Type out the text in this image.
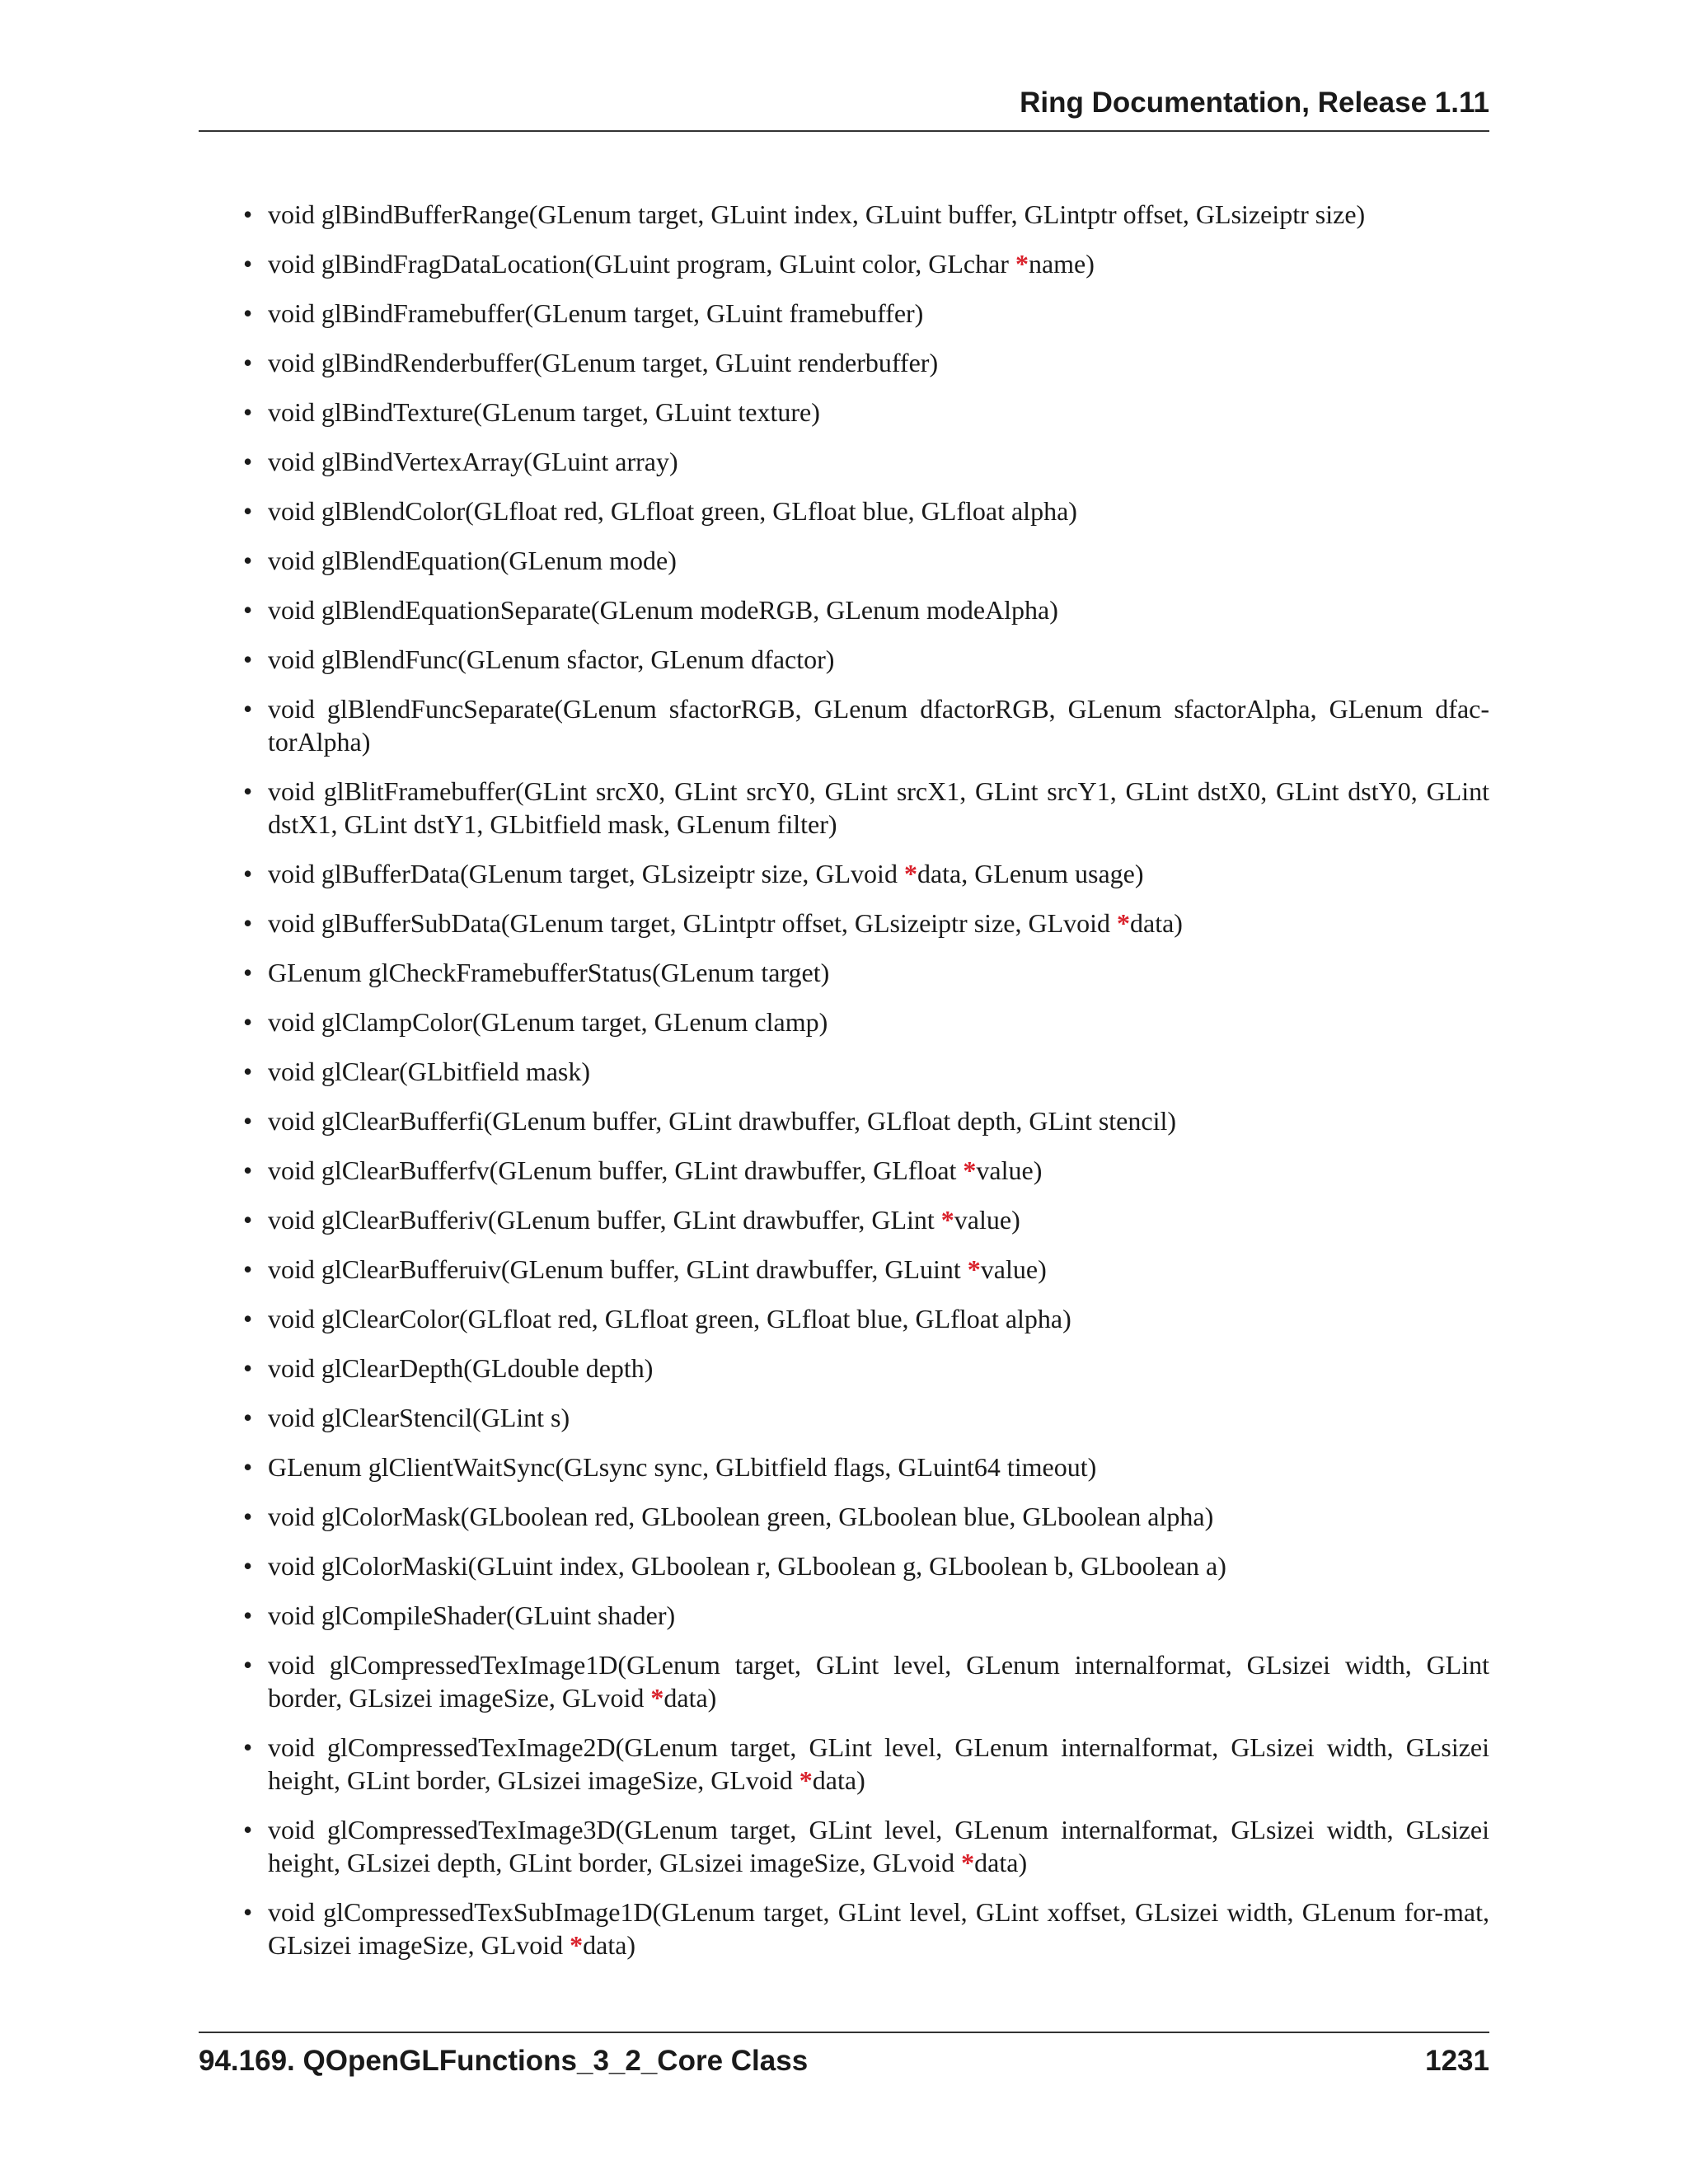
Ring Documentation, Release 1.11
• void glBindBufferRange(GLenum target, GLuint index, GLuint buffer, GLintptr offset, GLsizeiptr size)
• void glBindFragDataLocation(GLuint program, GLuint color, GLchar *name)
• void glBindFramebuffer(GLenum target, GLuint framebuffer)
• void glBindRenderbuffer(GLenum target, GLuint renderbuffer)
• void glBindTexture(GLenum target, GLuint texture)
• void glBindVertexArray(GLuint array)
• void glBlendColor(GLfloat red, GLfloat green, GLfloat blue, GLfloat alpha)
• void glBlendEquation(GLenum mode)
• void glBlendEquationSeparate(GLenum modeRGB, GLenum modeAlpha)
• void glBlendFunc(GLenum sfactor, GLenum dfactor)
• void glBlendFuncSeparate(GLenum sfactorRGB, GLenum dfactorRGB, GLenum sfactorAlpha, GLenum dfac-torAlpha)
• void glBlitFramebuffer(GLint srcX0, GLint srcY0, GLint srcX1, GLint srcY1, GLint dstX0, GLint dstY0, GLint dstX1, GLint dstY1, GLbitfield mask, GLenum filter)
• void glBufferData(GLenum target, GLsizeiptr size, GLvoid *data, GLenum usage)
• void glBufferSubData(GLenum target, GLintptr offset, GLsizeiptr size, GLvoid *data)
• GLenum glCheckFramebufferStatus(GLenum target)
• void glClampColor(GLenum target, GLenum clamp)
• void glClear(GLbitfield mask)
• void glClearBufferfi(GLenum buffer, GLint drawbuffer, GLfloat depth, GLint stencil)
• void glClearBufferfv(GLenum buffer, GLint drawbuffer, GLfloat *value)
• void glClearBufferiv(GLenum buffer, GLint drawbuffer, GLint *value)
• void glClearBufferuiv(GLenum buffer, GLint drawbuffer, GLuint *value)
• void glClearColor(GLfloat red, GLfloat green, GLfloat blue, GLfloat alpha)
• void glClearDepth(GLdouble depth)
• void glClearStencil(GLint s)
• GLenum glClientWaitSync(GLsync sync, GLbitfield flags, GLuint64 timeout)
• void glColorMask(GLboolean red, GLboolean green, GLboolean blue, GLboolean alpha)
• void glColorMaski(GLuint index, GLboolean r, GLboolean g, GLboolean b, GLboolean a)
• void glCompileShader(GLuint shader)
• void glCompressedTexImage1D(GLenum target, GLint level, GLenum internalformat, GLsizei width, GLint border, GLsizei imageSize, GLvoid *data)
• void glCompressedTexImage2D(GLenum target, GLint level, GLenum internalformat, GLsizei width, GLsizei height, GLint border, GLsizei imageSize, GLvoid *data)
• void glCompressedTexImage3D(GLenum target, GLint level, GLenum internalformat, GLsizei width, GLsizei height, GLsizei depth, GLint border, GLsizei imageSize, GLvoid *data)
• void glCompressedTexSubImage1D(GLenum target, GLint level, GLint xoffset, GLsizei width, GLenum for-mat, GLsizei imageSize, GLvoid *data)
94.169. QOpenGLFunctions_3_2_Core Class	1231
